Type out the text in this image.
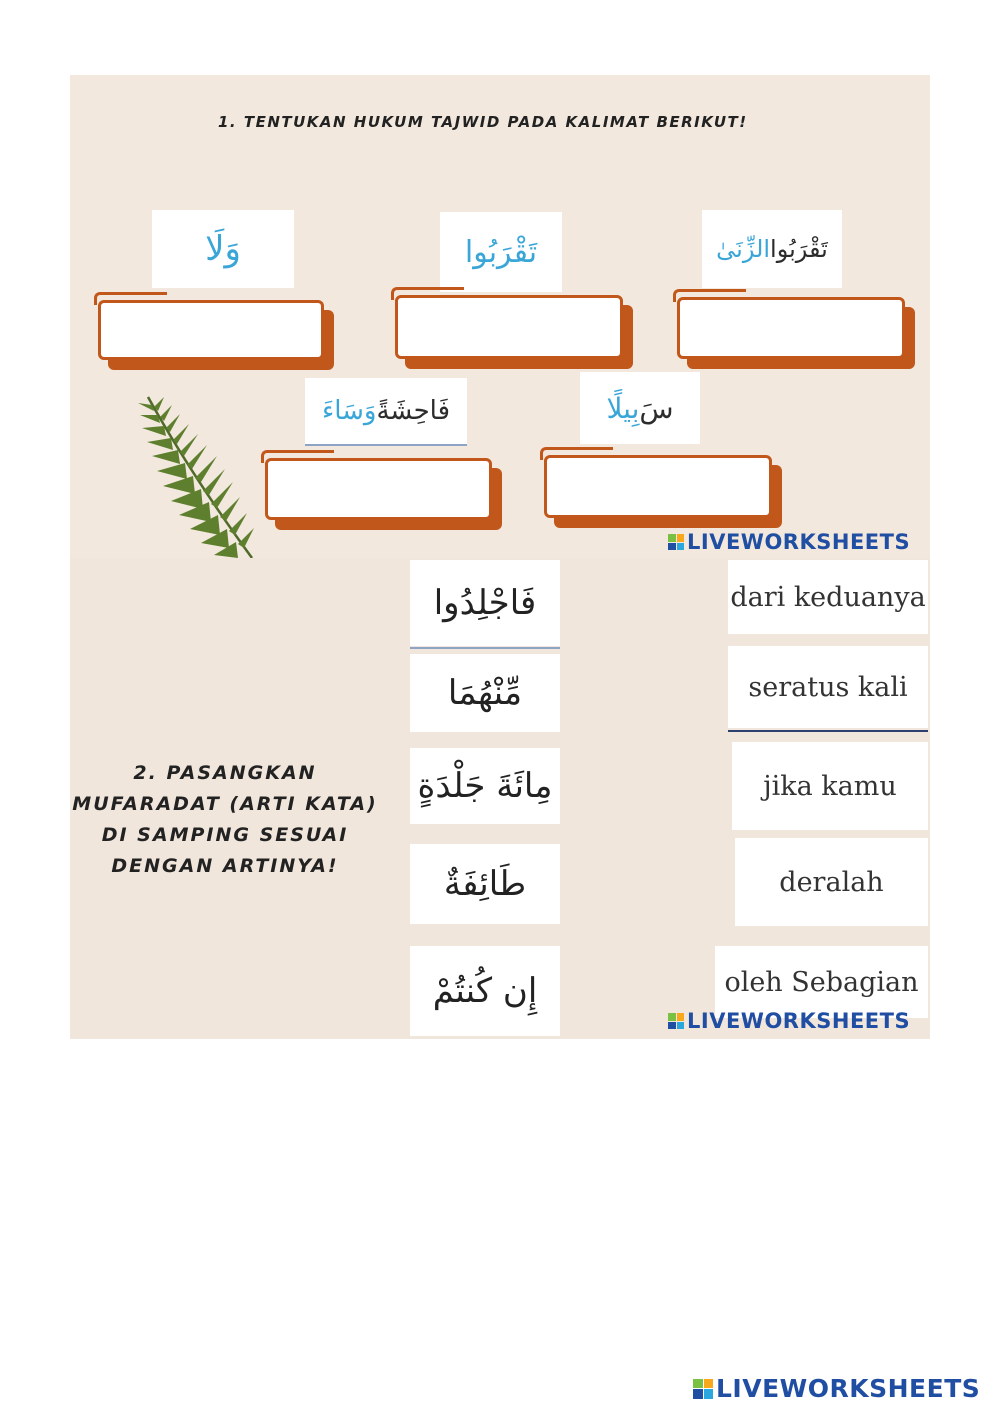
1. TENTUKAN HUKUM TAJWID PADA KALIMAT BERIKUT!
وَلَا	تَقْرَبُوا	تَقْرَبُوا
الزِّنَىٰ
فَاحِشَةً
وَسَاءَ	سَ
بِيلًا
LIVEWORKSHEETS
2. PASANGKAN MUFARADAT (ARTI KATA) DI SAMPING SESUAI DENGAN ARTINYA!
فَاجْلِدُوا
مِّنْهُمَا
مِائَةَ جَلْدَةٍ
طَائِفَةٌ
إِن كُنتُمْ
dari keduanya
seratus kali
jika kamu
deralah
oleh Sebagian
LIVEWORKSHEETS
LIVEWORKSHEETS
